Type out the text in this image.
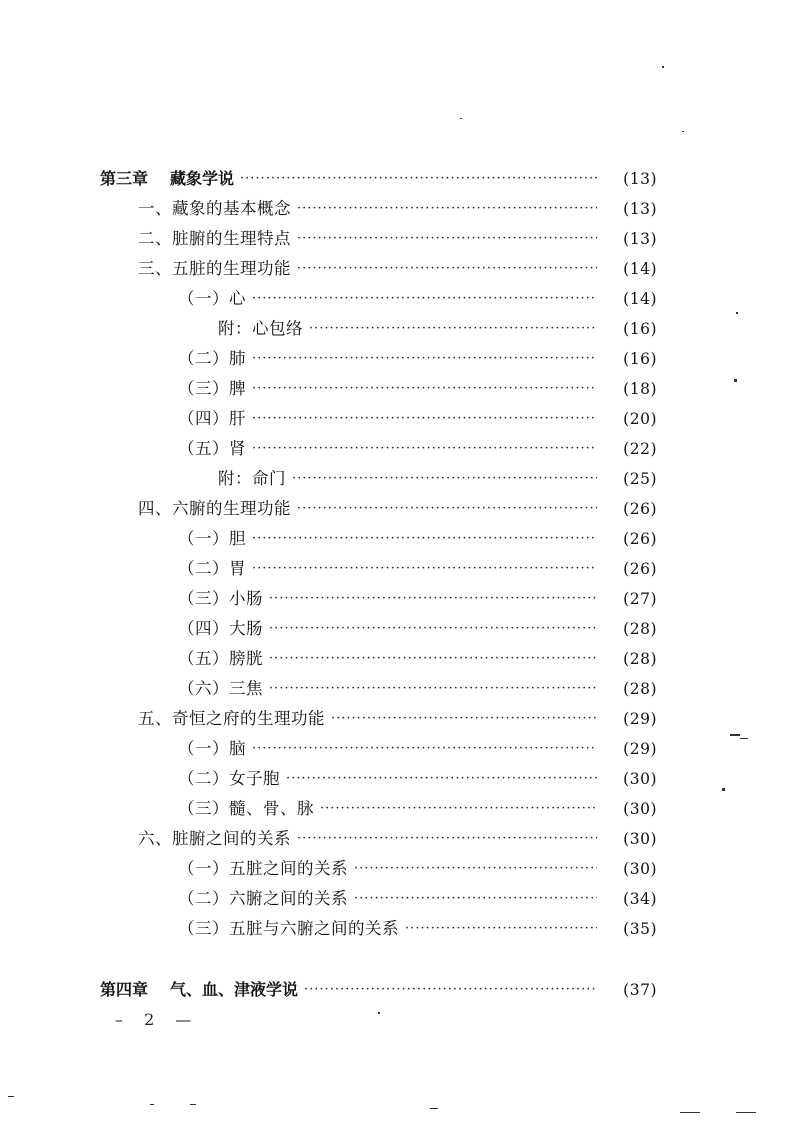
第三章 藏象学说 ·····	(13)
一、藏象的基本概念 ·····	(13)
二、脏腑的生理特点 ·····	(13)
三、五脏的生理功能 ·····	(14)
（一）心 ·····	(14)
附：心包络 ·····	(16)
（二）肺 ·····	(16)
（三）脾 ·····	(18)
（四）肝 ·····	(20)
（五）肾 ·····	(22)
附：命门 ·····	(25)
四、六腑的生理功能 ·····	(26)
（一）胆 ·····	(26)
（二）胃 ·····	(26)
（三）小肠 ·····	(27)
（四）大肠 ·····	(28)
（五）膀胱 ·····	(28)
（六）三焦 ·····	(28)
五、奇恒之府的生理功能 ·····	(29)
（一）脑 ·····	(29)
（二）女子胞 ·····	(30)
（三）髓、骨、脉 ·····	(30)
六、脏腑之间的关系 ·····	(30)
（一）五脏之间的关系 ·····	(30)
（二）六腑之间的关系 ·····	(34)
（三）五脏与六腑之间的关系 ·····	(35)
第四章 气、血、津液学说 ·····	(37)
– 2 —
